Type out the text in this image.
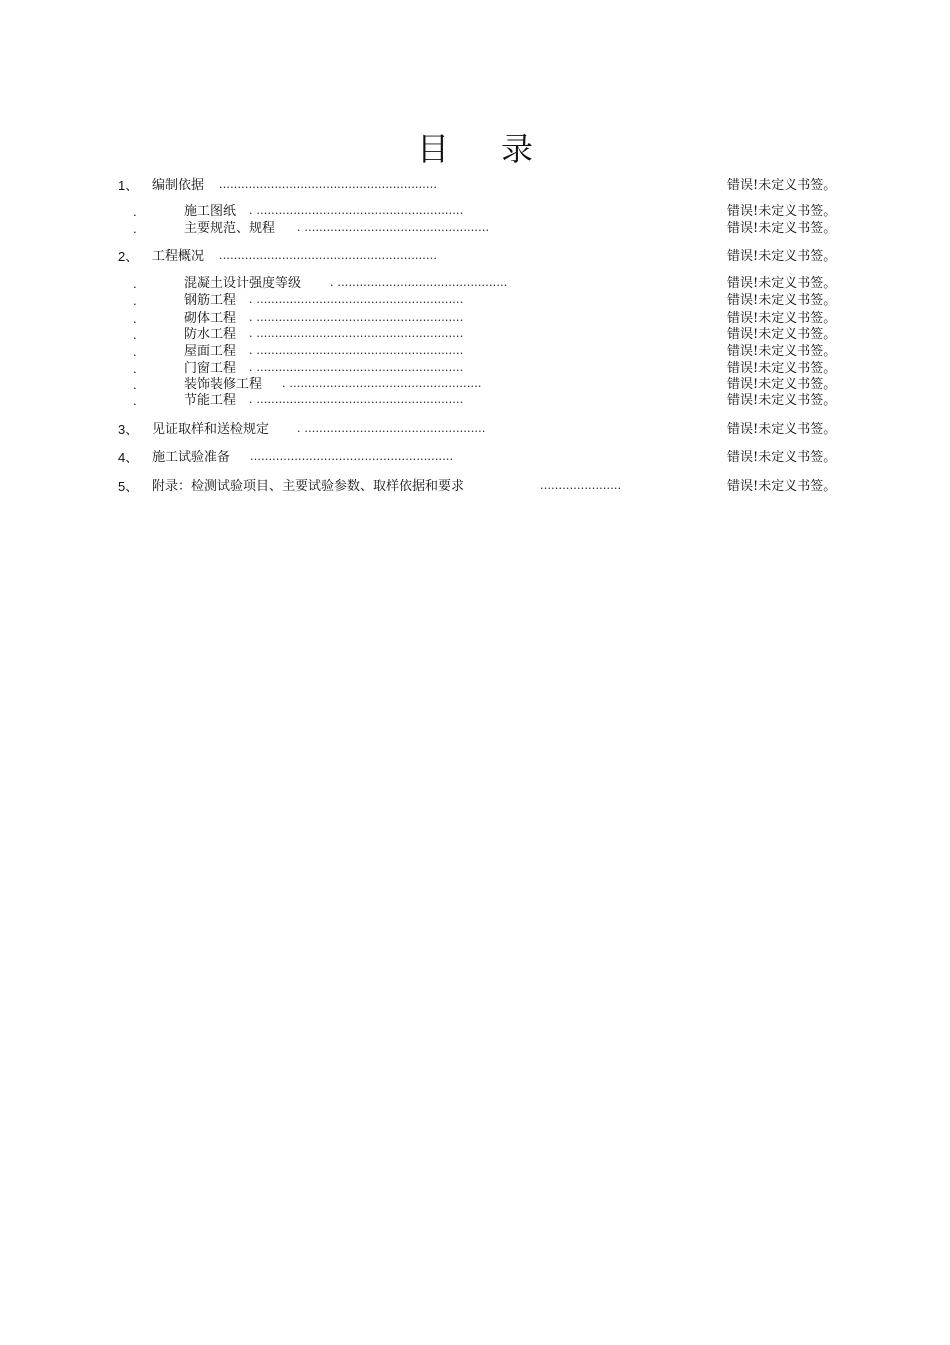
目 录
1、 编制依据 ...........................................................	错误!未定义书签。
.	施工图纸 . ........................................................	错误!未定义书签。
.	主要规范、规程 . ..................................................	错误!未定义书签。
2、 工程概况 ...........................................................	错误!未定义书签。
.	混凝土设计强度等级	. ..............................................	错误!未定义书签。
.	钢筋工程 . ........................................................	错误!未定义书签。
.	砌体工程 . ........................................................	错误!未定义书签。
.	防水工程 . ........................................................	错误!未定义书签。
.	屋面工程 . ........................................................	错误!未定义书签。
.	门窗工程 . ........................................................	错误!未定义书签。
.	装饰装修工程 . ....................................................	错误!未定义书签。
.	节能工程 . ........................................................	错误!未定义书签。
3、 见证取样和送检规定	. .................................................	错误!未定义书签。
4、 施工试验准备 .......................................................	错误!未定义书签。
5、 附录：检测试验项目、主要试验参数、取样依据和要求	......................	错误!未定义书签。
